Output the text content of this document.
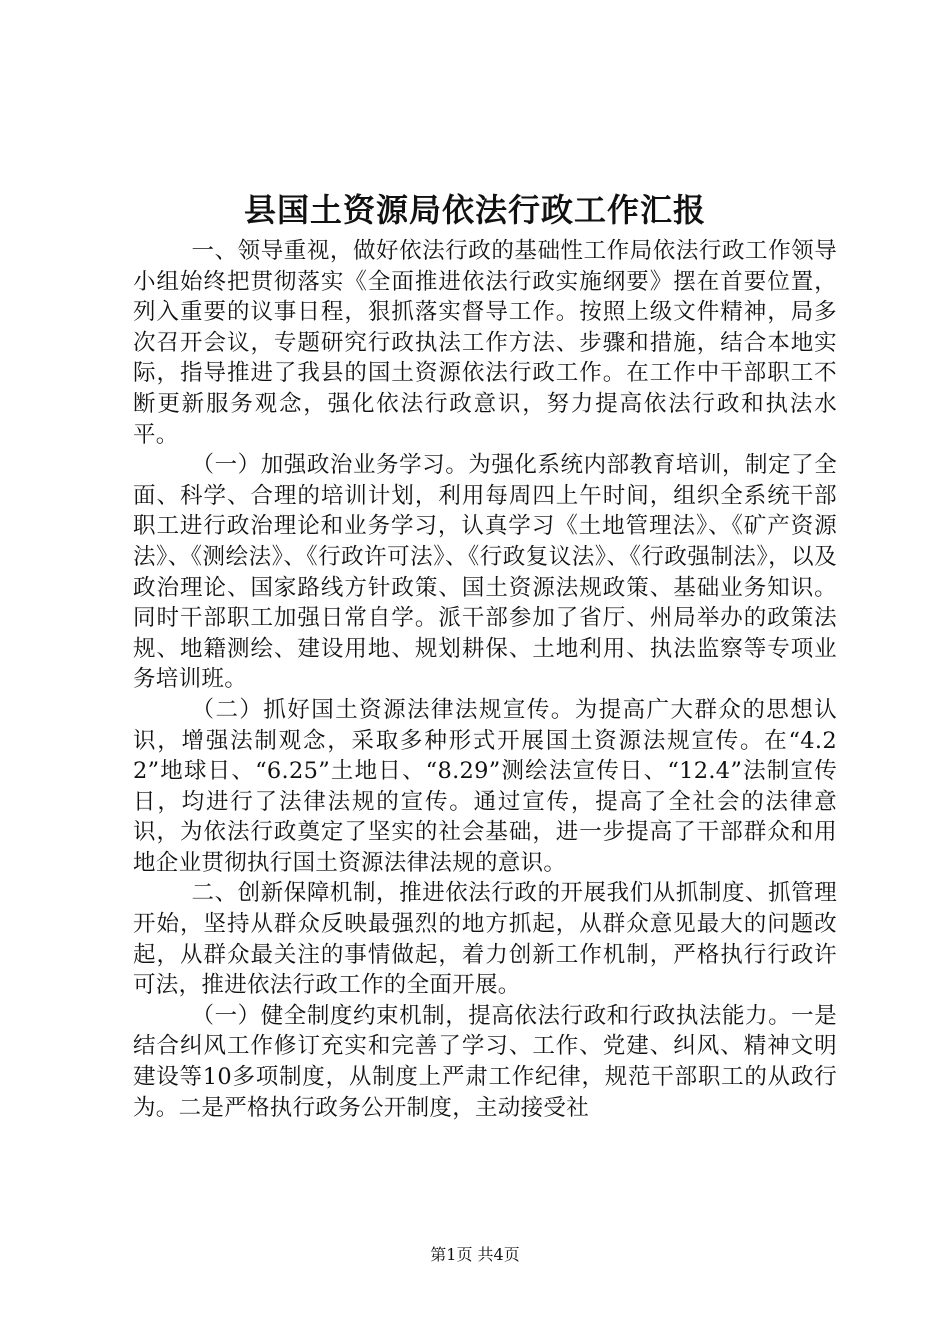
县国土资源局依法行政工作汇报

一、领导重视，做好依法行政的基础性工作局依法行政工作领导小组始终把贯彻落实《全面推进依法行政实施纲要》摆在首要位置，列入重要的议事日程，狠抓落实督导工作。按照上级文件精神，局多次召开会议，专题研究行政执法工作方法、步骤和措施，结合本地实际，指导推进了我县的国土资源依法行政工作。在工作中干部职工不断更新服务观念，强化依法行政意识，努力提高依法行政和执法水平。

（一）加强政治业务学习。为强化系统内部教育培训，制定了全面、科学、合理的培训计划，利用每周四上午时间，组织全系统干部职工进行政治理论和业务学习，认真学习《土地管理法》、《矿产资源法》、《测绘法》、《行政许可法》、《行政复议法》、《行政强制法》，以及政治理论、国家路线方针政策、国土资源法规政策、基础业务知识。同时干部职工加强日常自学。派干部参加了省厅、州局举办的政策法规、地籍测绘、建设用地、规划耕保、土地利用、执法监察等专项业务培训班。

（二）抓好国土资源法律法规宣传。为提高广大群众的思想认识，增强法制观念，采取多种形式开展国土资源法规宣传。在“4.22”地球日、“6.25”土地日、“8.29”测绘法宣传日、“12.4”法制宣传日，均进行了法律法规的宣传。通过宣传，提高了全社会的法律意识，为依法行政奠定了坚实的社会基础，进一步提高了干部群众和用地企业贯彻执行国土资源法律法规的意识。

二、创新保障机制，推进依法行政的开展我们从抓制度、抓管理开始，坚持从群众反映最强烈的地方抓起，从群众意见最大的问题改起，从群众最关注的事情做起，着力创新工作机制，严格执行行政许可法，推进依法行政工作的全面开展。

（一）健全制度约束机制，提高依法行政和行政执法能力。一是结合纠风工作修订充实和完善了学习、工作、党建、纠风、精神文明建设等10多项制度，从制度上严肃工作纪律，规范干部职工的从政行为。二是严格执行政务公开制度，主动接受社

第1页 共4页
